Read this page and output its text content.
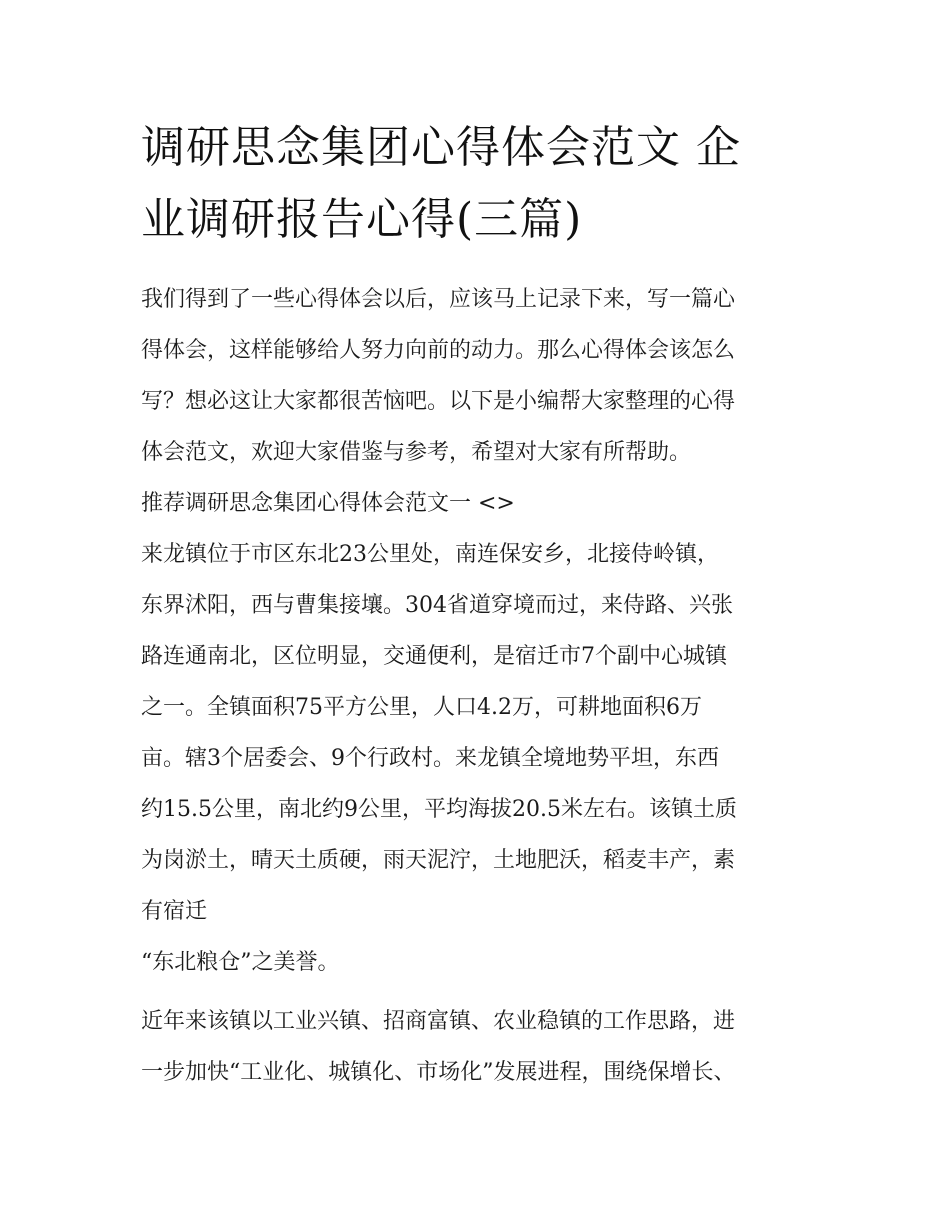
调研思念集团心得体会范文 企
业调研报告心得(三篇)

我们得到了一些心得体会以后，应该马上记录下来，写一篇心
得体会，这样能够给人努力向前的动力。那么心得体会该怎么
写？想必这让大家都很苦恼吧。以下是小编帮大家整理的心得
体会范文，欢迎大家借鉴与参考，希望对大家有所帮助。

推荐调研思念集团心得体会范文一 <>

来龙镇位于市区东北23公里处，南连保安乡，北接侍岭镇，
东界沭阳，西与曹集接壤。304省道穿境而过，来侍路、兴张
路连通南北，区位明显，交通便利，是宿迁市7个副中心城镇
之一。全镇面积75平方公里，人口4.2万，可耕地面积6万
亩。辖3个居委会、9个行政村。来龙镇全境地势平坦，东西
约15.5公里，南北约9公里，平均海拔20.5米左右。该镇土质
为岗淤土，晴天土质硬，雨天泥泞，土地肥沃，稻麦丰产，素
有宿迁

“东北粮仓”之美誉。

近年来该镇以工业兴镇、招商富镇、农业稳镇的工作思路，进
一步加快“工业化、城镇化、市场化”发展进程，围绕保增长、
